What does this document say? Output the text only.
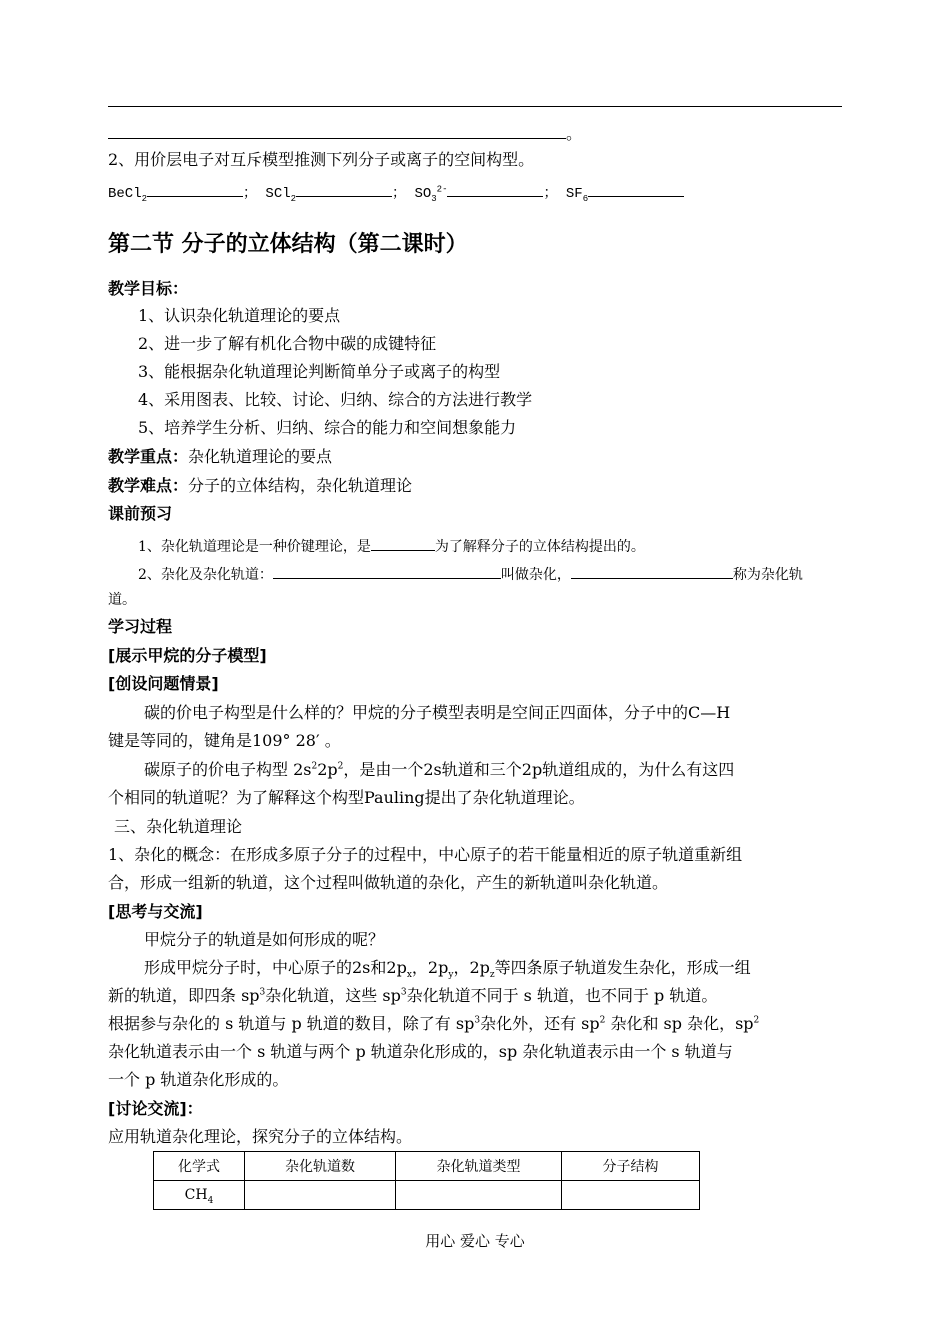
。
2、用价层电子对互斥模型推测下列分子或离子的空间构型。
BeCl$_2$	； SCl$_2$	； $SO_3^{2-}$	； $SF_6$
第二节 分子的立体结构（第二课时）
教学目标：
1、认识杂化轨道理论的要点
2、进一步了解有机化合物中碳的成键特征
3、能根据杂化轨道理论判断简单分子或离子的构型
4、采用图表、比较、讨论、归纳、综合的方法进行教学
5、培养学生分析、归纳、综合的能力和空间想象能力
教学重点：杂化轨道理论的要点
教学难点：分子的立体结构，杂化轨道理论
课前预习
1、杂化轨道理论是一种价键理论，是	为了解释分子的立体结构提出的。
2、杂化及杂化轨道：	叫做杂化，	称为杂化轨
道。
学习过程
[展示甲烷的分子模型]
[创设问题情景]
碳的价电子构型是什么样的？甲烷的分子模型表明是空间正四面体，分子中的C—H
键是等同的，键角是109° 28′ 。
碳原子的价电子构型 $2s^22p^2$，是由一个2s轨道和三个2p轨道组成的，为什么有这四
个相同的轨道呢？为了解释这个构型Pauling提出了杂化轨道理论。
三、杂化轨道理论
1、杂化的概念：在形成多原子分子的过程中，中心原子的若干能量相近的原子轨道重新组
合，形成一组新的轨道，这个过程叫做轨道的杂化，产生的新轨道叫杂化轨道。
[思考与交流]
甲烷分子的轨道是如何形成的呢？
形成甲烷分子时，中心原子的2s和$2p_x$，$2p_y$，$2p_z$等四条原子轨道发生杂化，形成一组
新的轨道，即四条 $sp^3$杂化轨道，这些 $sp^3$杂化轨道不同于 s 轨道，也不同于 p 轨道。
根据参与杂化的 s 轨道与 p 轨道的数目，除了有 $sp^3$杂化外，还有 $sp^2$ 杂化和 sp 杂化，$sp^2$
杂化轨道表示由一个 s 轨道与两个 p 轨道杂化形成的，sp 杂化轨道表示由一个 s 轨道与
一个 p 轨道杂化形成的。
[讨论交流]：
应用轨道杂化理论，探究分子的立体结构。
化学式	杂化轨道数	杂化轨道类型	分子结构
$CH_4$			
用心 爱心 专心
